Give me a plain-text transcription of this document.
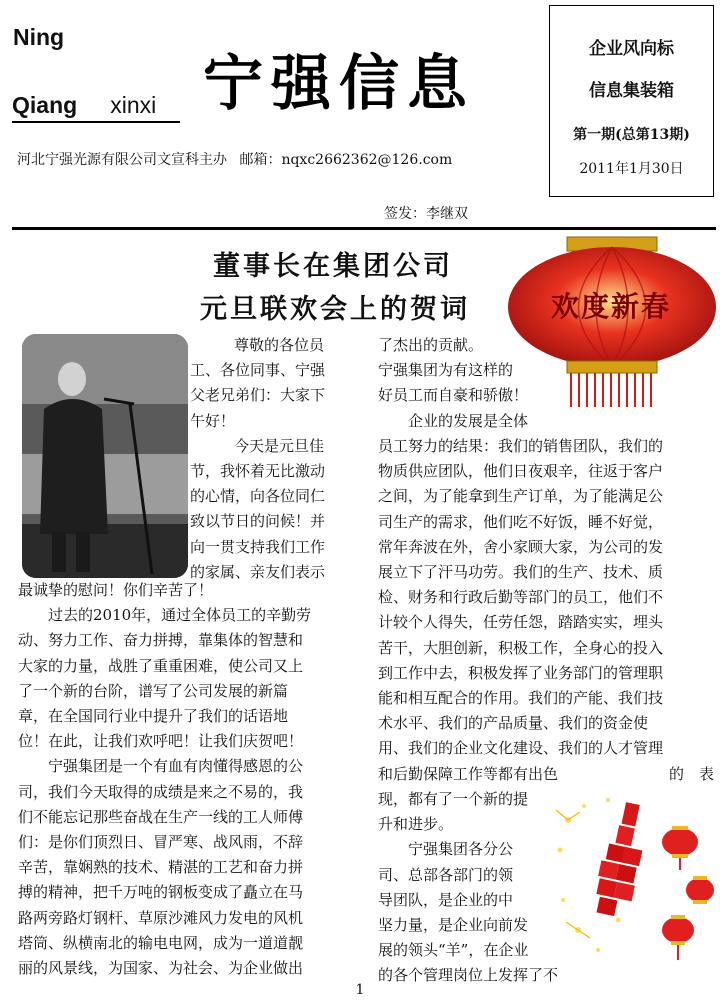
Ning
Qiang xinxi 宁强信息
河北宁强光源有限公司文宣科主办 邮箱：nqxc2662362@126.com
签发：李继双
企业风向标
信息集装箱
第一期(总第13期)
2011年1月30日
董事长在集团公司
元旦联欢会上的贺词	欢度新春

尊敬的各位员

工、各位同事、宁强

父老兄弟们：大家下

午好！

今天是元旦佳

节，我怀着无比激动

的心情，向各位同仁

致以节日的问候！并

向一贯支持我们工作

的家属、亲友们表示

最诚挚的慰问！你们辛苦了！

过去的2010年，通过全体员工的辛勤劳

动、努力工作、奋力拼搏，靠集体的智慧和

大家的力量，战胜了重重困难，使公司又上

了一个新的台阶，谱写了公司发展的新篇

章，在全国同行业中提升了我们的话语地

位！在此，让我们欢呼吧！让我们庆贺吧！

宁强集团是一个有血有肉懂得感恩的公

司，我们今天取得的成绩是来之不易的，我

们不能忘记那些奋战在生产一线的工人师傅

们：是你们顶烈日、冒严寒、战风雨，不辞

辛苦，靠娴熟的技术、精湛的工艺和奋力拼

搏的精神，把千万吨的钢板变成了矗立在马

路两旁路灯钢杆、草原沙滩风力发电的风机

塔筒、纵横南北的输电电网，成为一道道靓

丽的风景线，为国家、为社会、为企业做出

了杰出的贡献。

宁强集团为有这样的

好员工而自豪和骄傲！

企业的发展是全体

员工努力的结果：我们的销售团队，我们的

物质供应团队，他们日夜艰辛，往返于客户

之间，为了能拿到生产订单，为了能满足公

司生产的需求，他们吃不好饭，睡不好觉，

常年奔波在外，舍小家顾大家，为公司的发

展立下了汗马功劳。我们的生产、技术、质

检、财务和行政后勤等部门的员工，他们不

计较个人得失，任劳任怨，踏踏实实，埋头

苦干，大胆创新，积极工作，全身心的投入

到工作中去，积极发挥了业务部门的管理职

能和相互配合的作用。我们的产能、我们技

术水平、我们的产品质量、我们的资金使

用、我们的企业文化建设、我们的人才管理

和后勤保障工作等都有出色	的　表

现，都有了一个新的提

升和进步。

宁强集团各分公

司、总部各部门的领

导团队，是企业的中

坚力量，是企业向前发

展的领头“羊”，在企业

的各个管理岗位上发挥了不

1
